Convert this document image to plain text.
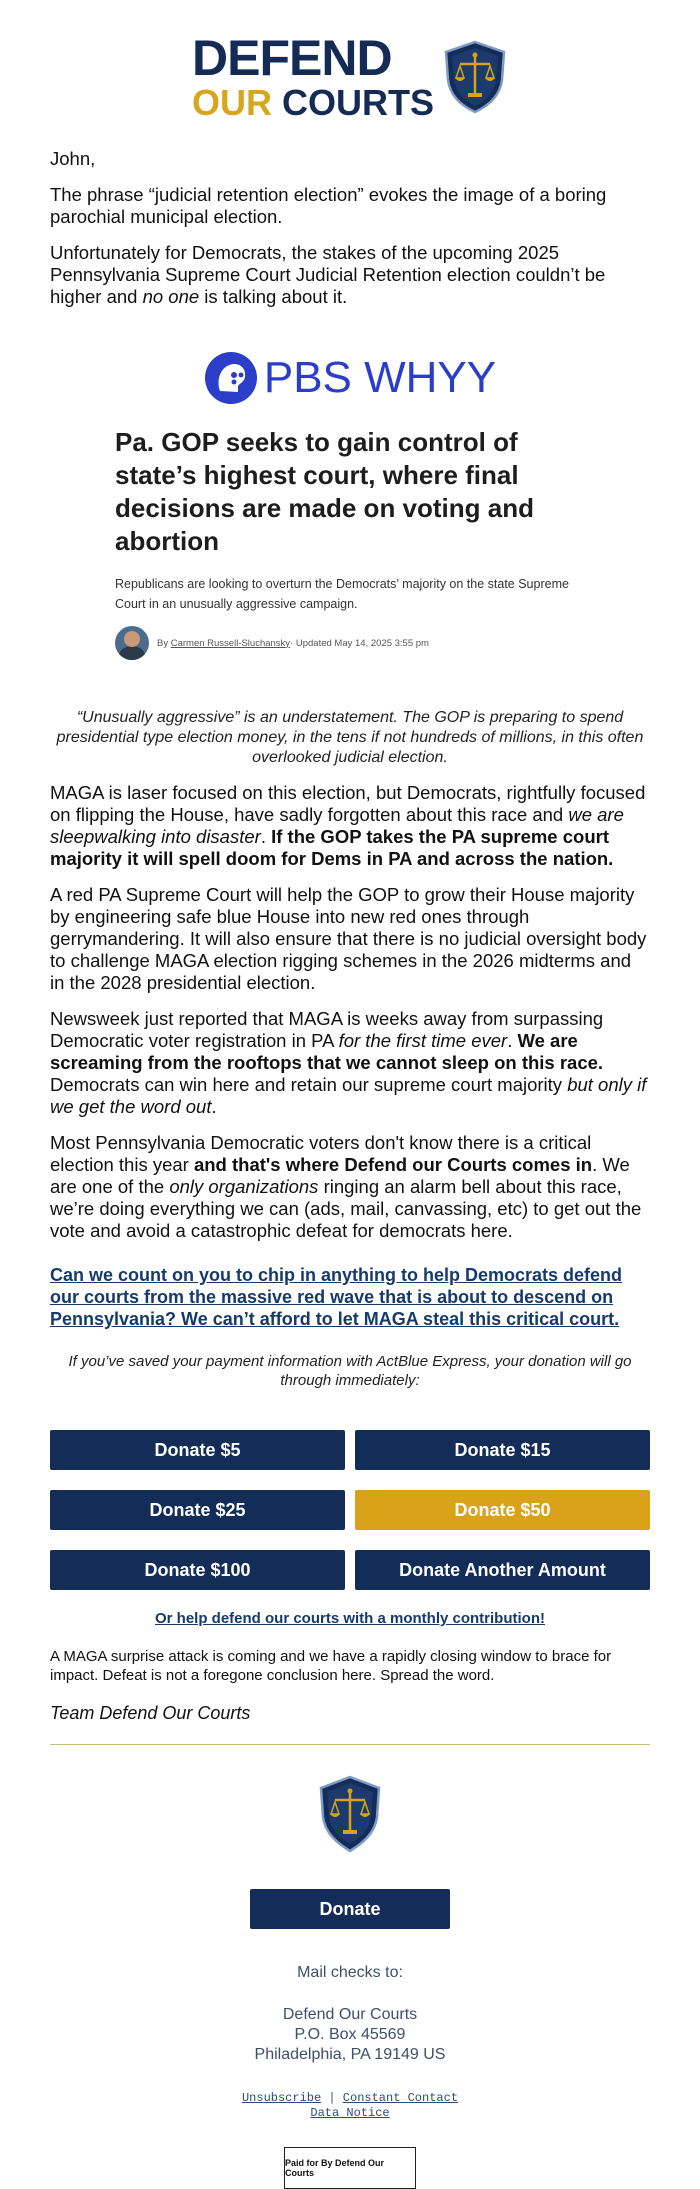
DEFEND
OUR COURTS

John,

The phrase “judicial retention election” evokes the image of a boring parochial municipal election.

Unfortunately for Democrats, the stakes of the upcoming 2025 Pennsylvania Supreme Court Judicial Retention election couldn’t be higher and no one is talking about it.

PBS WHYY
Pa. GOP seeks to gain control of state’s highest court, where final decisions are made on voting and abortion
Republicans are looking to overturn the Democrats’ majority on the state Supreme Court in an unusually aggressive campaign.
By
Carmen Russell-Sluchansky · Updated May 14, 2025 3:55 pm

“Unusually aggressive” is an understatement. The GOP is preparing to spend presidential type election money, in the tens if not hundreds of millions, in this often overlooked judicial election.

MAGA is laser focused on this election, but Democrats, rightfully focused on flipping the House, have sadly forgotten about this race and we are sleepwalking into disaster. If the GOP takes the PA supreme court majority it will spell doom for Dems in PA and across the nation.

A red PA Supreme Court will help the GOP to grow their House majority by engineering safe blue House into new red ones through gerrymandering. It will also ensure that there is no judicial oversight body to challenge MAGA election rigging schemes in the 2026 midterms and in the 2028 presidential election.

Newsweek just reported that MAGA is weeks away from surpassing Democratic voter registration in PA for the first time ever. We are screaming from the rooftops that we cannot sleep on this race. Democrats can win here and retain our supreme court majority but only if we get the word out.

Most Pennsylvania Democratic voters don't know there is a critical election this year and that's where Defend our Courts comes in. We are one of the only organizations ringing an alarm bell about this race, we’re doing everything we can (ads, mail, canvassing, etc) to get out the vote and avoid a catastrophic defeat for democrats here.

Can we count on you to chip in anything to help Democrats defend our courts from the massive red wave that is about to descend on Pennsylvania? We can’t afford to let MAGA steal this critical court.

If you’ve saved your payment information with ActBlue Express, your donation will go through immediately:

Donate $5	Donate $15
Donate $25	Donate $50
Donate $100	Donate Another Amount
Or help defend our courts with a monthly contribution!

A MAGA surprise attack is coming and we have a rapidly closing window to brace for impact. Defeat is not a foregone conclusion here. Spread the word.

Team Defend Our Courts

Donate
Mail checks to:
Defend Our Courts
P.O. Box 45569
Philadelphia, PA 19149 US
Unsubscribe | Constant Contact
Data Notice
Paid for By Defend Our Courts
